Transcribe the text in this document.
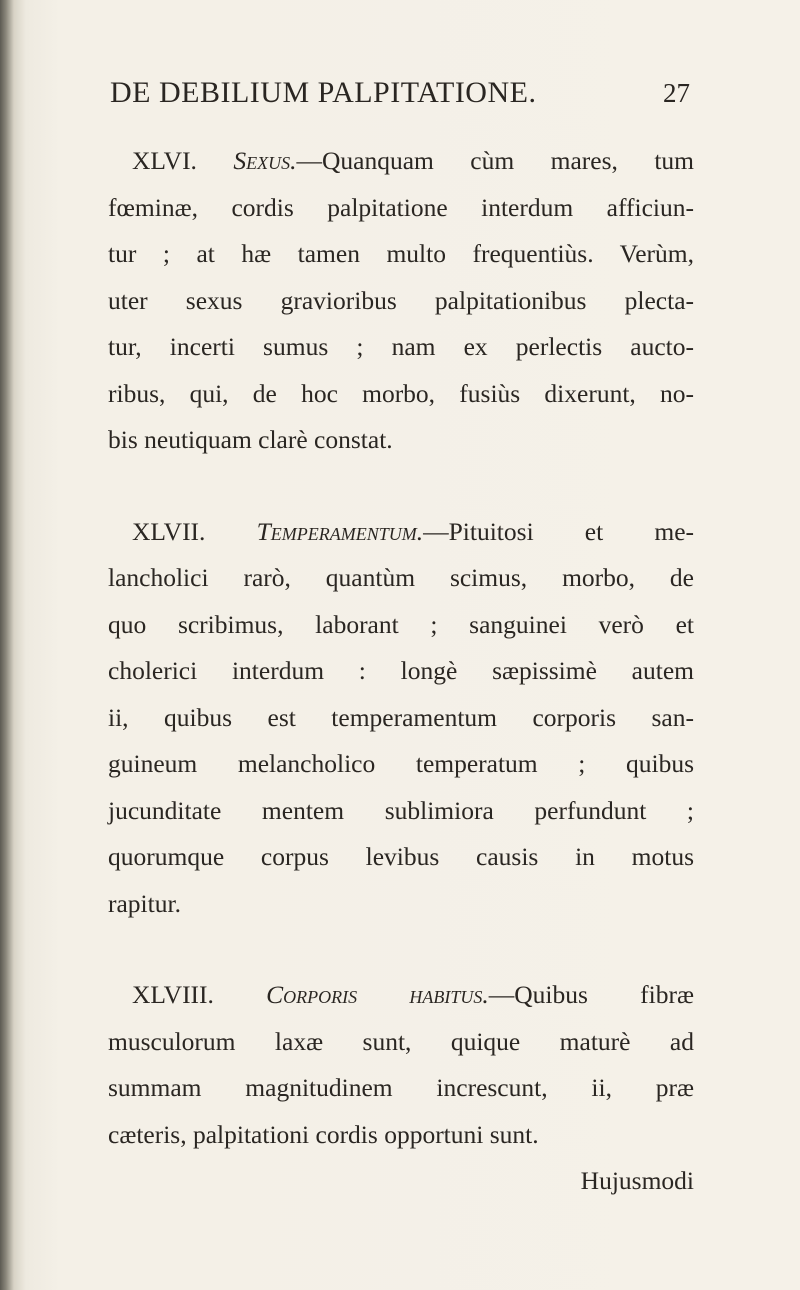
DE DEBILIUM PALPITATIONE.	27
XLVI. Sexus.—Quanquam cùm mares, tum
fœminæ, cordis palpitatione interdum afficiun-
tur ; at hæ tamen multo frequentiùs. Verùm,
uter sexus gravioribus palpitationibus plecta-
tur, incerti sumus ; nam ex perlectis aucto-
ribus, qui, de hoc morbo, fusiùs dixerunt, no-
bis neutiquam clarè constat.
XLVII. Temperamentum.—Pituitosi et me-
lancholici rarò, quantùm scimus, morbo, de
quo scribimus, laborant ; sanguinei verò et
cholerici interdum : longè sæpissimè autem
ii, quibus est temperamentum corporis san-
guineum melancholico temperatum ; quibus
jucunditate mentem sublimiora perfundunt ;
quorumque corpus levibus causis in motus
rapitur.
XLVIII. Corporis habitus.—Quibus fibræ
musculorum laxæ sunt, quique maturè ad
summam magnitudinem increscunt, ii, præ
cæteris, palpitationi cordis opportuni sunt.
Hujusmodi
